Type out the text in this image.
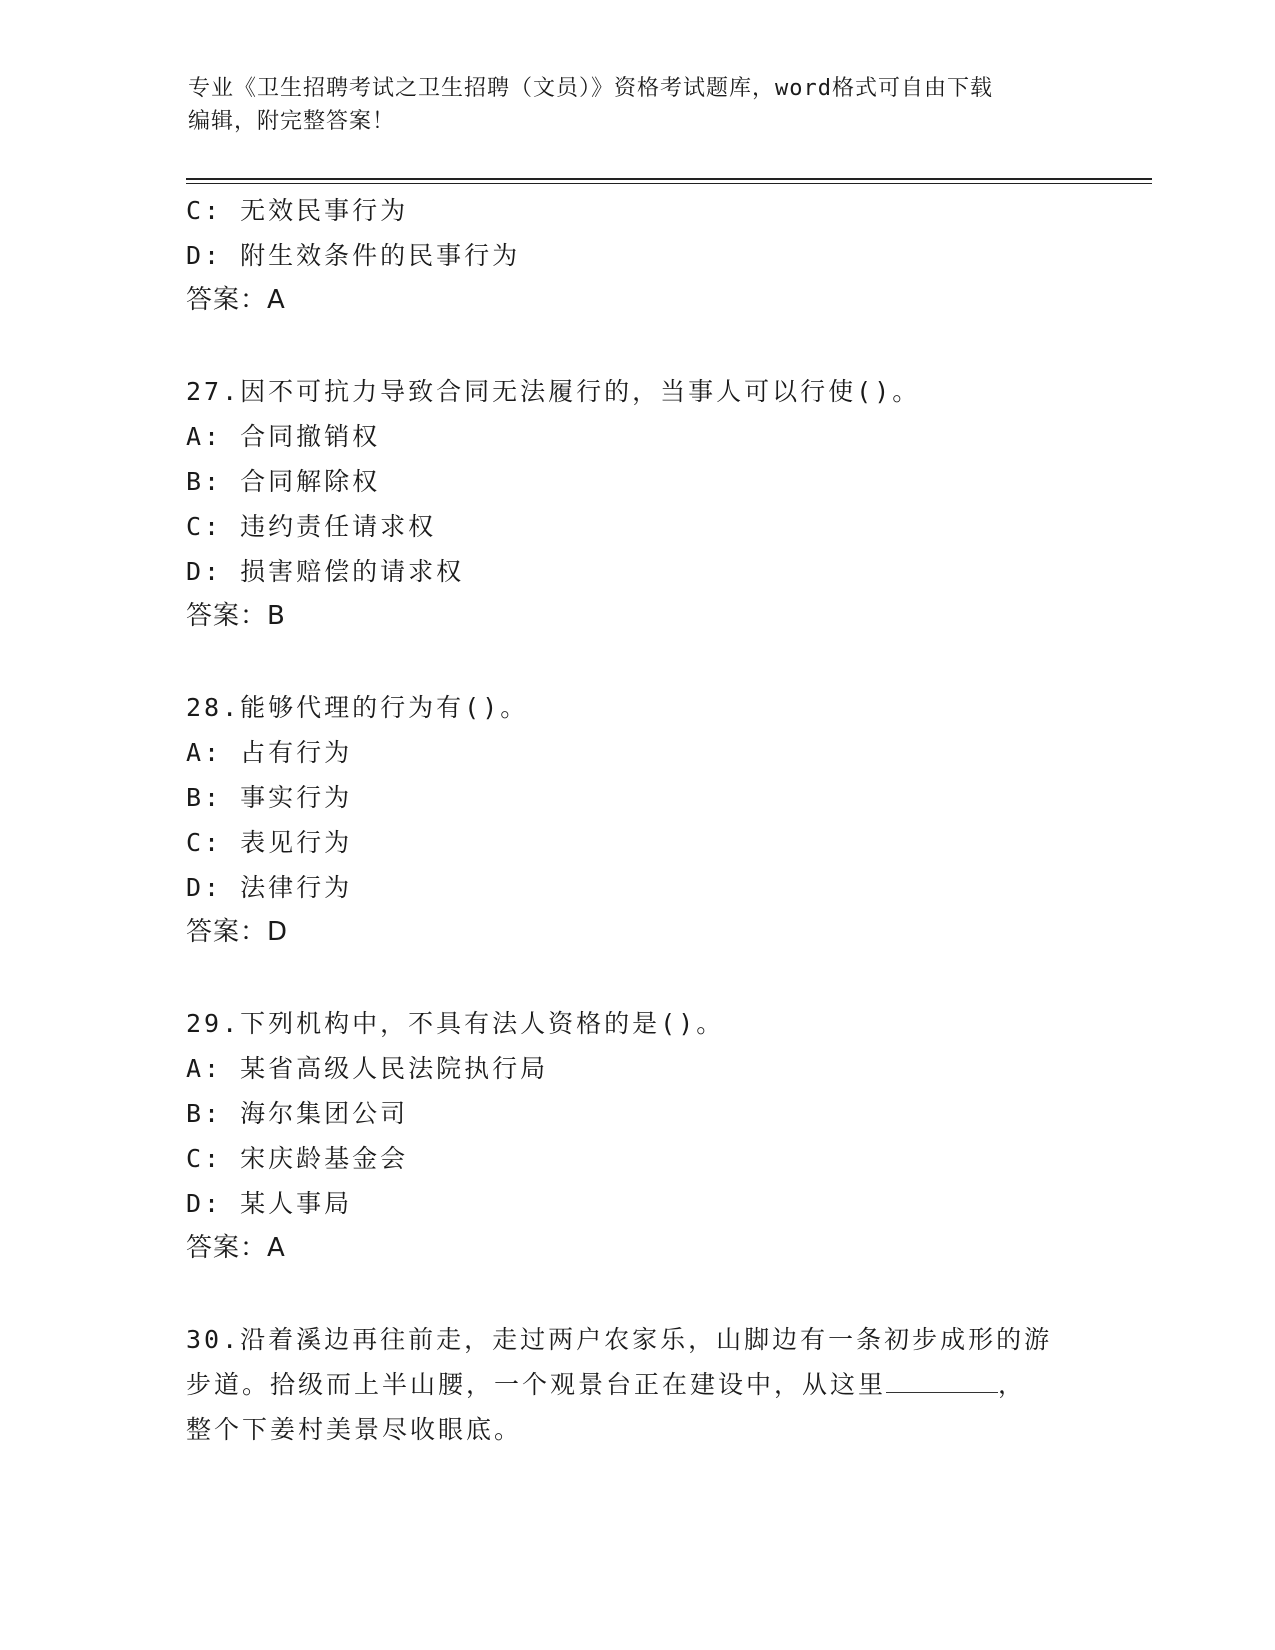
专业《卫生招聘考试之卫生招聘（文员）》资格考试题库，word格式可自由下载
编辑，附完整答案！
C: 无效民事行为
D: 附生效条件的民事行为
答案：A
27.因不可抗力导致合同无法履行的，当事人可以行使()。
A: 合同撤销权
B: 合同解除权
C: 违约责任请求权
D: 损害赔偿的请求权
答案：B
28.能够代理的行为有()。
A: 占有行为
B: 事实行为
C: 表见行为
D: 法律行为
答案：D
29.下列机构中，不具有法人资格的是()。
A: 某省高级人民法院执行局
B: 海尔集团公司
C: 宋庆龄基金会
D: 某人事局
答案：A
30.沿着溪边再往前走，走过两户农家乐，山脚边有一条初步成形的游
步道。拾级而上半山腰，一个观景台正在建设中，从这里	，
整个下姜村美景尽收眼底。
